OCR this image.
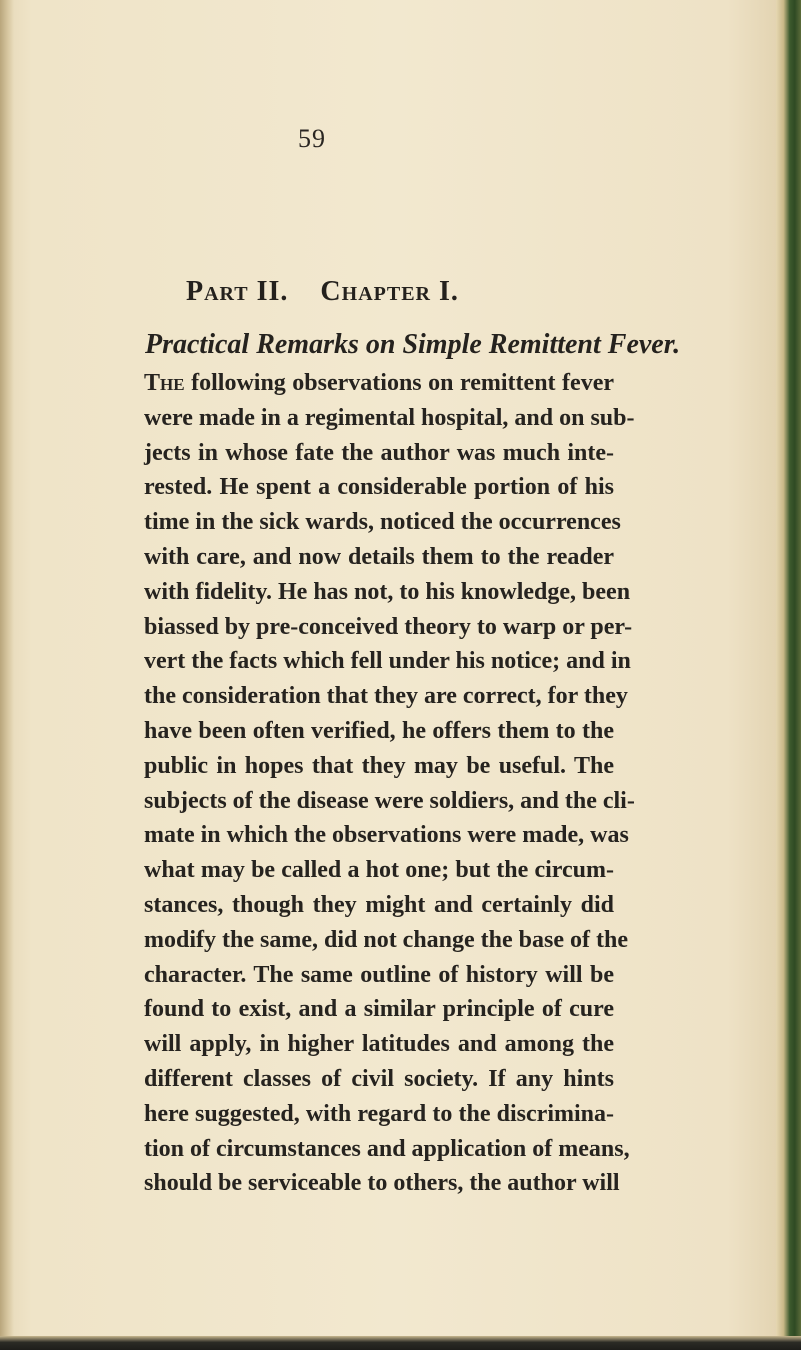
59
Part II. Chapter I.
Practical Remarks on Simple Remittent Fever.
The following observations on remittent fever
were made in a regimental hospital, and on sub-
jects in whose fate the author was much inte-
rested. He spent a considerable portion of his
time in the sick wards, noticed the occurrences
with care, and now details them to the reader
with fidelity. He has not, to his knowledge, been
biassed by pre-conceived theory to warp or per-
vert the facts which fell under his notice; and in
the consideration that they are correct, for they
have been often verified, he offers them to the
public in hopes that they may be useful. The
subjects of the disease were soldiers, and the cli-
mate in which the observations were made, was
what may be called a hot one; but the circum-
stances, though they might and certainly did
modify the same, did not change the base of the
character. The same outline of history will be
found to exist, and a similar principle of cure
will apply, in higher latitudes and among the
different classes of civil society. If any hints
here suggested, with regard to the discrimina-
tion of circumstances and application of means,
should be serviceable to others, the author will
